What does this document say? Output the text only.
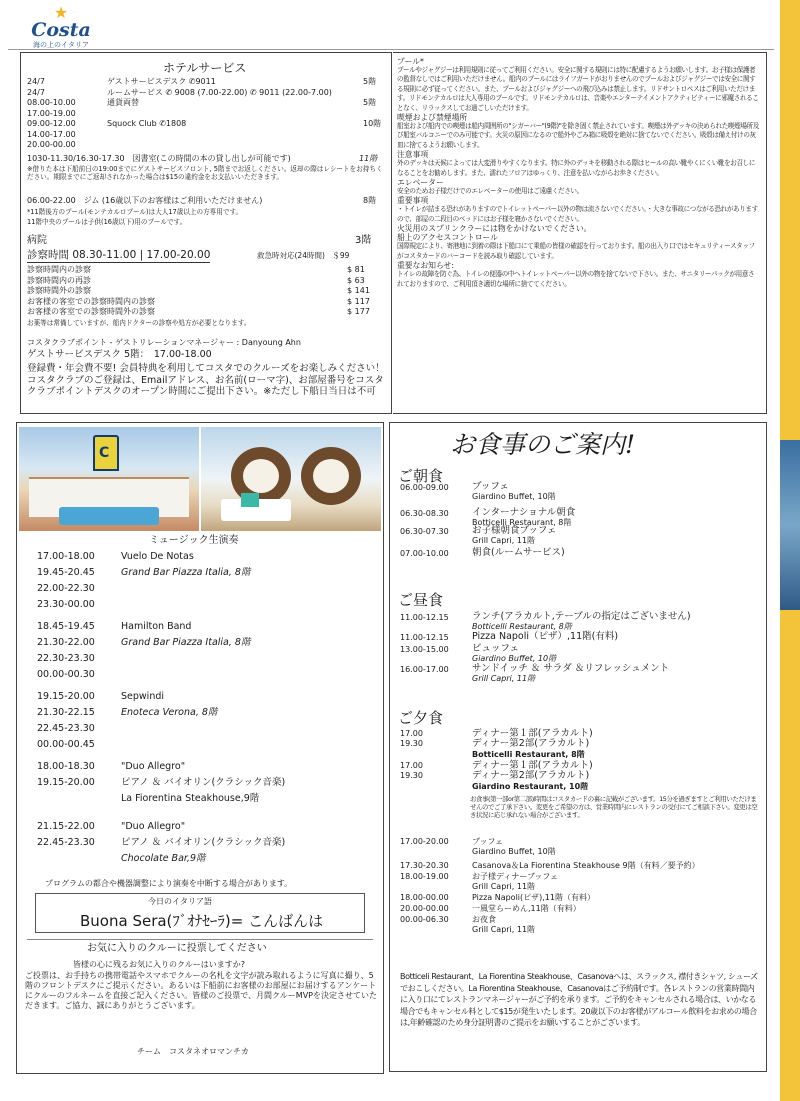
★
Costa
海の上のイタリア
ホテルサービス
24/7	ゲストサービスデスク ✆9011	5階
24/7	ルームサービス ✆ 9008 (7.00-22.00) ✆ 9011 (22.00-7.00)
08.00-10.00	通貨両替	5階
17.00-19.00
09.00-12.00	Squock Club ✆1808	10階
14.00-17.00
20.00-00.00
1030-11.30/16.30-17.30　図書室(この時間の本の貸し出しが可能です)	11階
※借りた本は下船前日の19:00までにゲストサービスフロント, 5階までお返しください。返却の際はレシートをお持ちください。期限までにご返却されなかった場合は$15の違約金をお支払いいただきます。
06.00-22.00　ジム (16歳以下のお客様はご利用いただけません)	8階
*11階後方のプール(モンテカルロプール)は大人17歳以上の方専用です。
11階中央のプールは子供(16歳以下)用のプールです。
病院	3階
診察時間 08.30-11.00 | 17.00-20.00	救急時対応(24時間)　＄99
診察時間内の診察	$ 81
診察時間内の再診	$ 63
診察時間外の診察	$ 141
お客様の客室での診察時間内の診察	$ 117
お客様の客室での診察時間外の診察	$ 177
お薬等は常備していますが、船内ドクターの診察や処方が必要となります。
コスタクラブポイント - ゲストリレーションマネージャー : Danyoung Ahn
ゲストサービスデスク 5階：　17.00-18.00
登録費・年会費不要! 会員特典を利用してコスタでのクルーズをお楽しみください！コスタクラブのご登録は、Emailアドレス、お名前(ローマ字)、お部屋番号をコスタクラブポイントデスクのオープン時間にご提出下さい。※ただし下船日当日は不可
プール*
プールやジャグジーは利用規則に従ってご利用ください。安全に関する規則には特に配慮するようお願いします。お子様は保護者の監督なしではご利用いただけません。船内のプールにはライフガードがおりませんのでプールおよびジャグジーでは安全に関する規則に必ず従ってください。また、プールおよびジャグジーへの飛び込みは禁止します。リドサントロペスはご利用いただけます。リドモンテカルロは大人専用のプールです。リドモンテカルロは、音楽やエンターテイメントアクティビティーに邪魔されることなく、リラックスしてお過ごしいただけます。
喫煙および禁煙場所
船室および船内での喫煙は船内周囲所の"シガーバー"(9階)"を除き固く禁止されています。喫煙は外デッキの決められた喫煙場所及び船室バルコニーでのみ可能です。火災の原因になるので船外やごみ箱に吸殻を絶対に捨てないでください。吸殻は備え付けの灰皿に捨てるようお願いします。
注意事項
外のデッキは天候によっては大変滑りやすくなります。特に外のデッキを移動される際はヒールの高い靴やくにくい靴をお召しになることをお勧めします。また、濡れたフロアはゆっくり、注意を払いながらお歩きください。
エレベーター
安全のためお子様だけでのエレベーターの使用はご遠慮ください。
重要事項
・トイレが詰まる恐れがありますのでトイレットペーパー以外の物は流さないでください。・大きな事故につながる恐れがありますので、部屋の二段目のベッドにはお子様を寝かさないでください。
火災用のスプリンクラーには物をかけないでください。
船上のアクセスコントロール
国際規定により、寄港地に到着の際は下船口にて乗船の皆様の確認を行っております。船の出入り口ではセキュリティースタッフがコスタカードのバーコードを読み取り確認しています。
重要なお知らせ:
トイレの故障を防ぐ為、トイレの便器の中へトイレットペーパー以外の物を捨てないで下さい。また、サニタリーパックが用意されておりますので、ご利用頂き適切な場所に捨ててください。
C
ミュージック生演奏
17.00-18.00	Vuelo De Notas
19.45-20.45	Grand Bar Piazza Italia, 8階
22.00-22.30
23.30-00.00
18.45-19.45	Hamilton Band
21.30-22.00	Grand Bar Piazza Italia, 8階
22.30-23.30
00.00-00.30
19.15-20.00	Sepwindi
21.30-22.15	Enoteca Verona, 8階
22.45-23.30
00.00-00.45
18.00-18.30	"Duo Allegro"
19.15-20.00	ピアノ ＆ バイオリン(クラシック音楽)
La Fiorentina Steakhouse,9階
21.15-22.00	"Duo Allegro"
22.45-23.30	ピアノ ＆ バイオリン(クラシック音楽)
Chocolate Bar,9階
プログラムの都合や機器調整により演奏を中断する場合があります。
今日のイタリア語
Buona Sera(ﾌﾞｵﾅｾｰﾗ)= こんばんは
お気に入りのクルーに投票してください
皆様の心に残るお気に入りのクルーはいますか?
ご投票は、お手持ちの携帯電話やスマホでクルーの名札を文字が読み取れるように写真に撮り、5階のフロントデスクにご提示ください。あるいは下船前にお客様のお部屋にお届けするアンケートにクルーのフルネームを直接ご記入ください。皆様のご投票で、月間クルーMVPを決定させていただきます。ご協力、誠にありがとうございます。
チーム　コスタネオロマンチカ
お食事のご案内!
ご朝食
06.00-09.00 ブッフェ
Giardino Buffet, 10階
06.30-08.30 インターナショナル朝食
Botticelli Restaurant, 8階
06.30-07.30 お子様朝食ブッフェ
Grill Capri, 11階
07.00-10.00 朝食(ルームサービス)
ご昼食
11.00-12.15 ランチ(アラカルト,テーブルの指定はございません)
Botticelli Restaurant, 8階
11.00-12.15 Pizza Napoli（ピザ）,11階(有料)
13.00-15.00 ビュッフェ
Giardino Buffet, 10階
16.00-17.00 サンドイッチ ＆ サラダ ＆リフレッシュメント
Grill Capri, 11階
ご夕食
17.00	ディナー第１部(アラカルト)
19.30	ディナー第2部(アラカルト)
Botticelli Restaurant, 8階
17.00	ディナー第１部(アラカルト)
19.30	ディナー第2部(アラカルト)
Giardino Restaurant, 10階
お食事(第一部or第二部)時間はコスタカードの裏に記載がございます。15分を過ぎますとご利用いただけませんのでご了承下さい。変更をご希望の方は、営業時間内にレストランの受付にてご相談下さい。変更は空き状況に応じ承れない場合がございます。
17.00-20.00	ブッフェ
Giardino Buffet, 10階
17.30-20.30	Casanova＆La Fiorentina Steakhouse 9階（有料／要予約）
18.00-19.00	お子様ディナーブッフェ
Grill Capri, 11階
18.00-00.00	Pizza Napoli(ピザ),11階（有料）
20.00-00.00	一風堂らーめん,11階（有料）
00.00-06.30	お夜食
Grill Capri, 11階
Botticeli Restaurant、La Fiorentina Steakhouse、Casanovaへは、スラックス, 襟付きシャツ, シューズでおこしください。La Fiorentina Steakhouse、Casanovaはご予約制です。各レストランの営業時間内に入り口にてレストランマネージャーがご予約を承ります。ご予約をキャンセルされる場合は、いかなる場合でもキャンセル料として$15が発生いたします。20歳以下のお客様がアルコール飲料をお求めの場合は,年齢確認のため身分証明書のご提示をお願いすることがございます。
